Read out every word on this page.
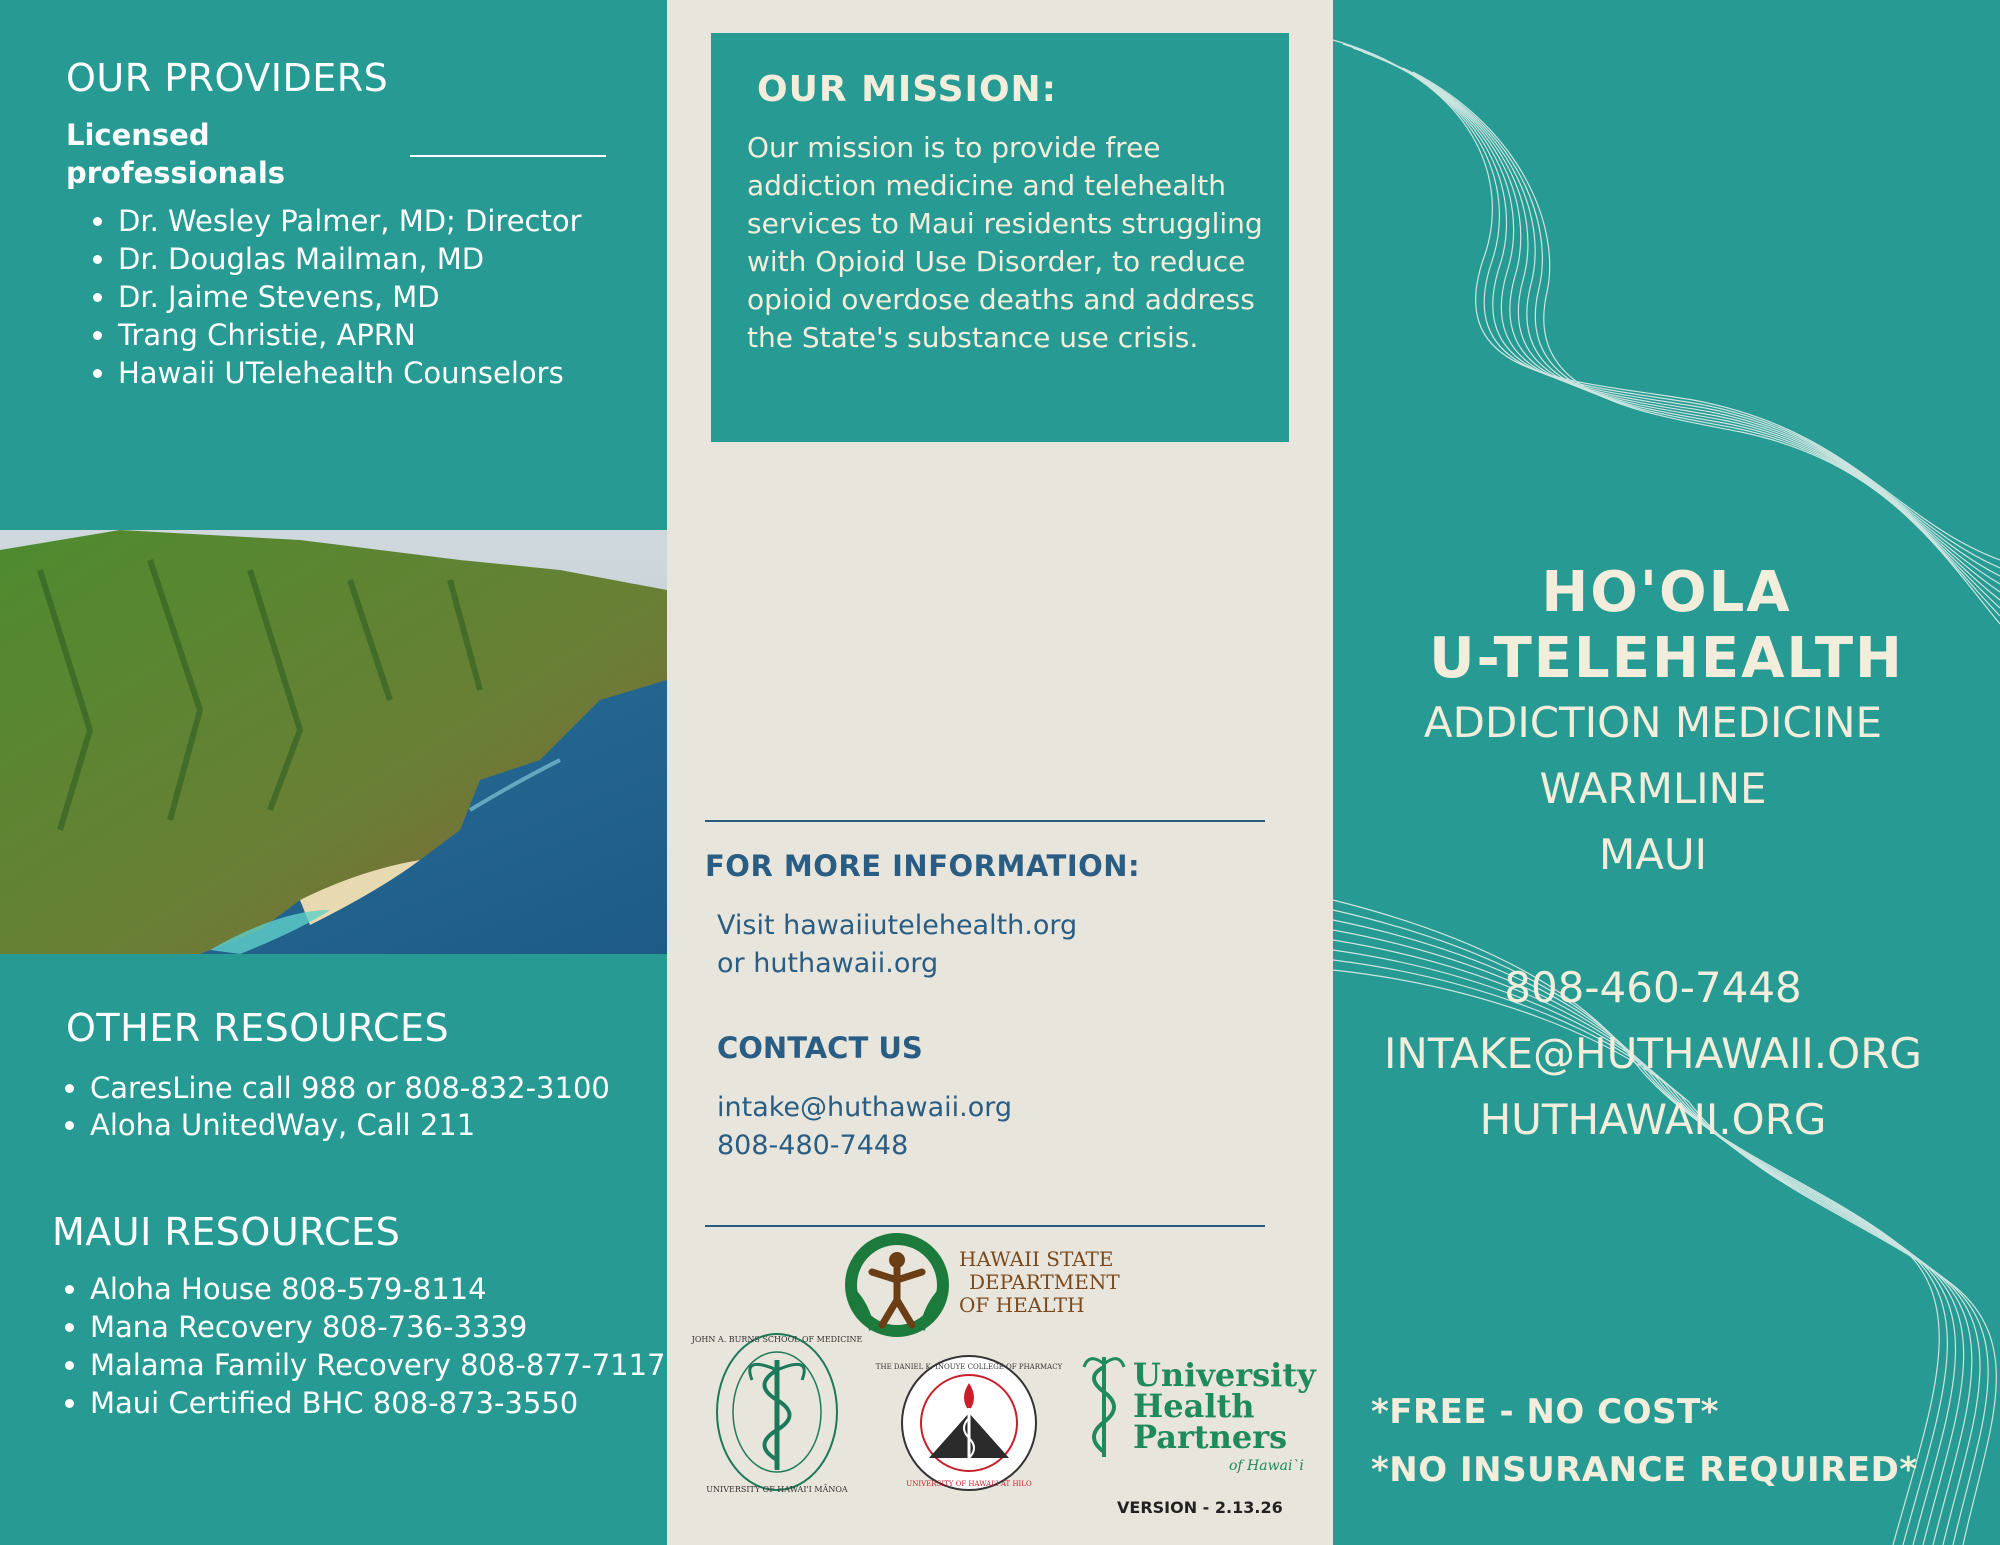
OUR PROVIDERS
Licensed professionals
• Dr. Wesley Palmer, MD; Director
• Dr. Douglas Mailman, MD
• Dr. Jaime Stevens, MD
• Trang Christie, APRN
• Hawaii UTelehealth Counselors
OTHER RESOURCES
• CaresLine call 988 or 808-832-3100
• Aloha UnitedWay, Call 211
MAUI RESOURCES
• Aloha House 808-579-8114
• Mana Recovery 808-736-3339
• Malama Family Recovery 808-877-7117
• Maui Certified BHC 808-873-3550
OUR MISSION:
Our mission is to provide free addiction medicine and telehealth services to Maui residents struggling with Opioid Use Disorder, to reduce opioid overdose deaths and address the State's substance use crisis.
FOR MORE INFORMATION:
Visit hawaiiutelehealth.org
or huthawaii.org
CONTACT US
intake@huthawaii.org
808-480-7448
HAWAII STATE
DEPARTMENT
OF HEALTH
JOHN A. BURNS SCHOOL OF MEDICINE
UNIVERSITY OF HAWAI'I MĀNOA
THE DANIEL K. INOUYE COLLEGE OF PHARMACY
UNIVERSITY OF HAWAI'I AT HILO
University
Health
Partners
of Hawai`i
VERSION - 2.13.26
HO'OLA
U-TELEHEALTH
ADDICTION MEDICINE
WARMLINE
MAUI
808-460-7448
INTAKE@HUTHAWAII.ORG
HUTHAWAII.ORG
*FREE - NO COST*
*NO INSURANCE REQUIRED*
